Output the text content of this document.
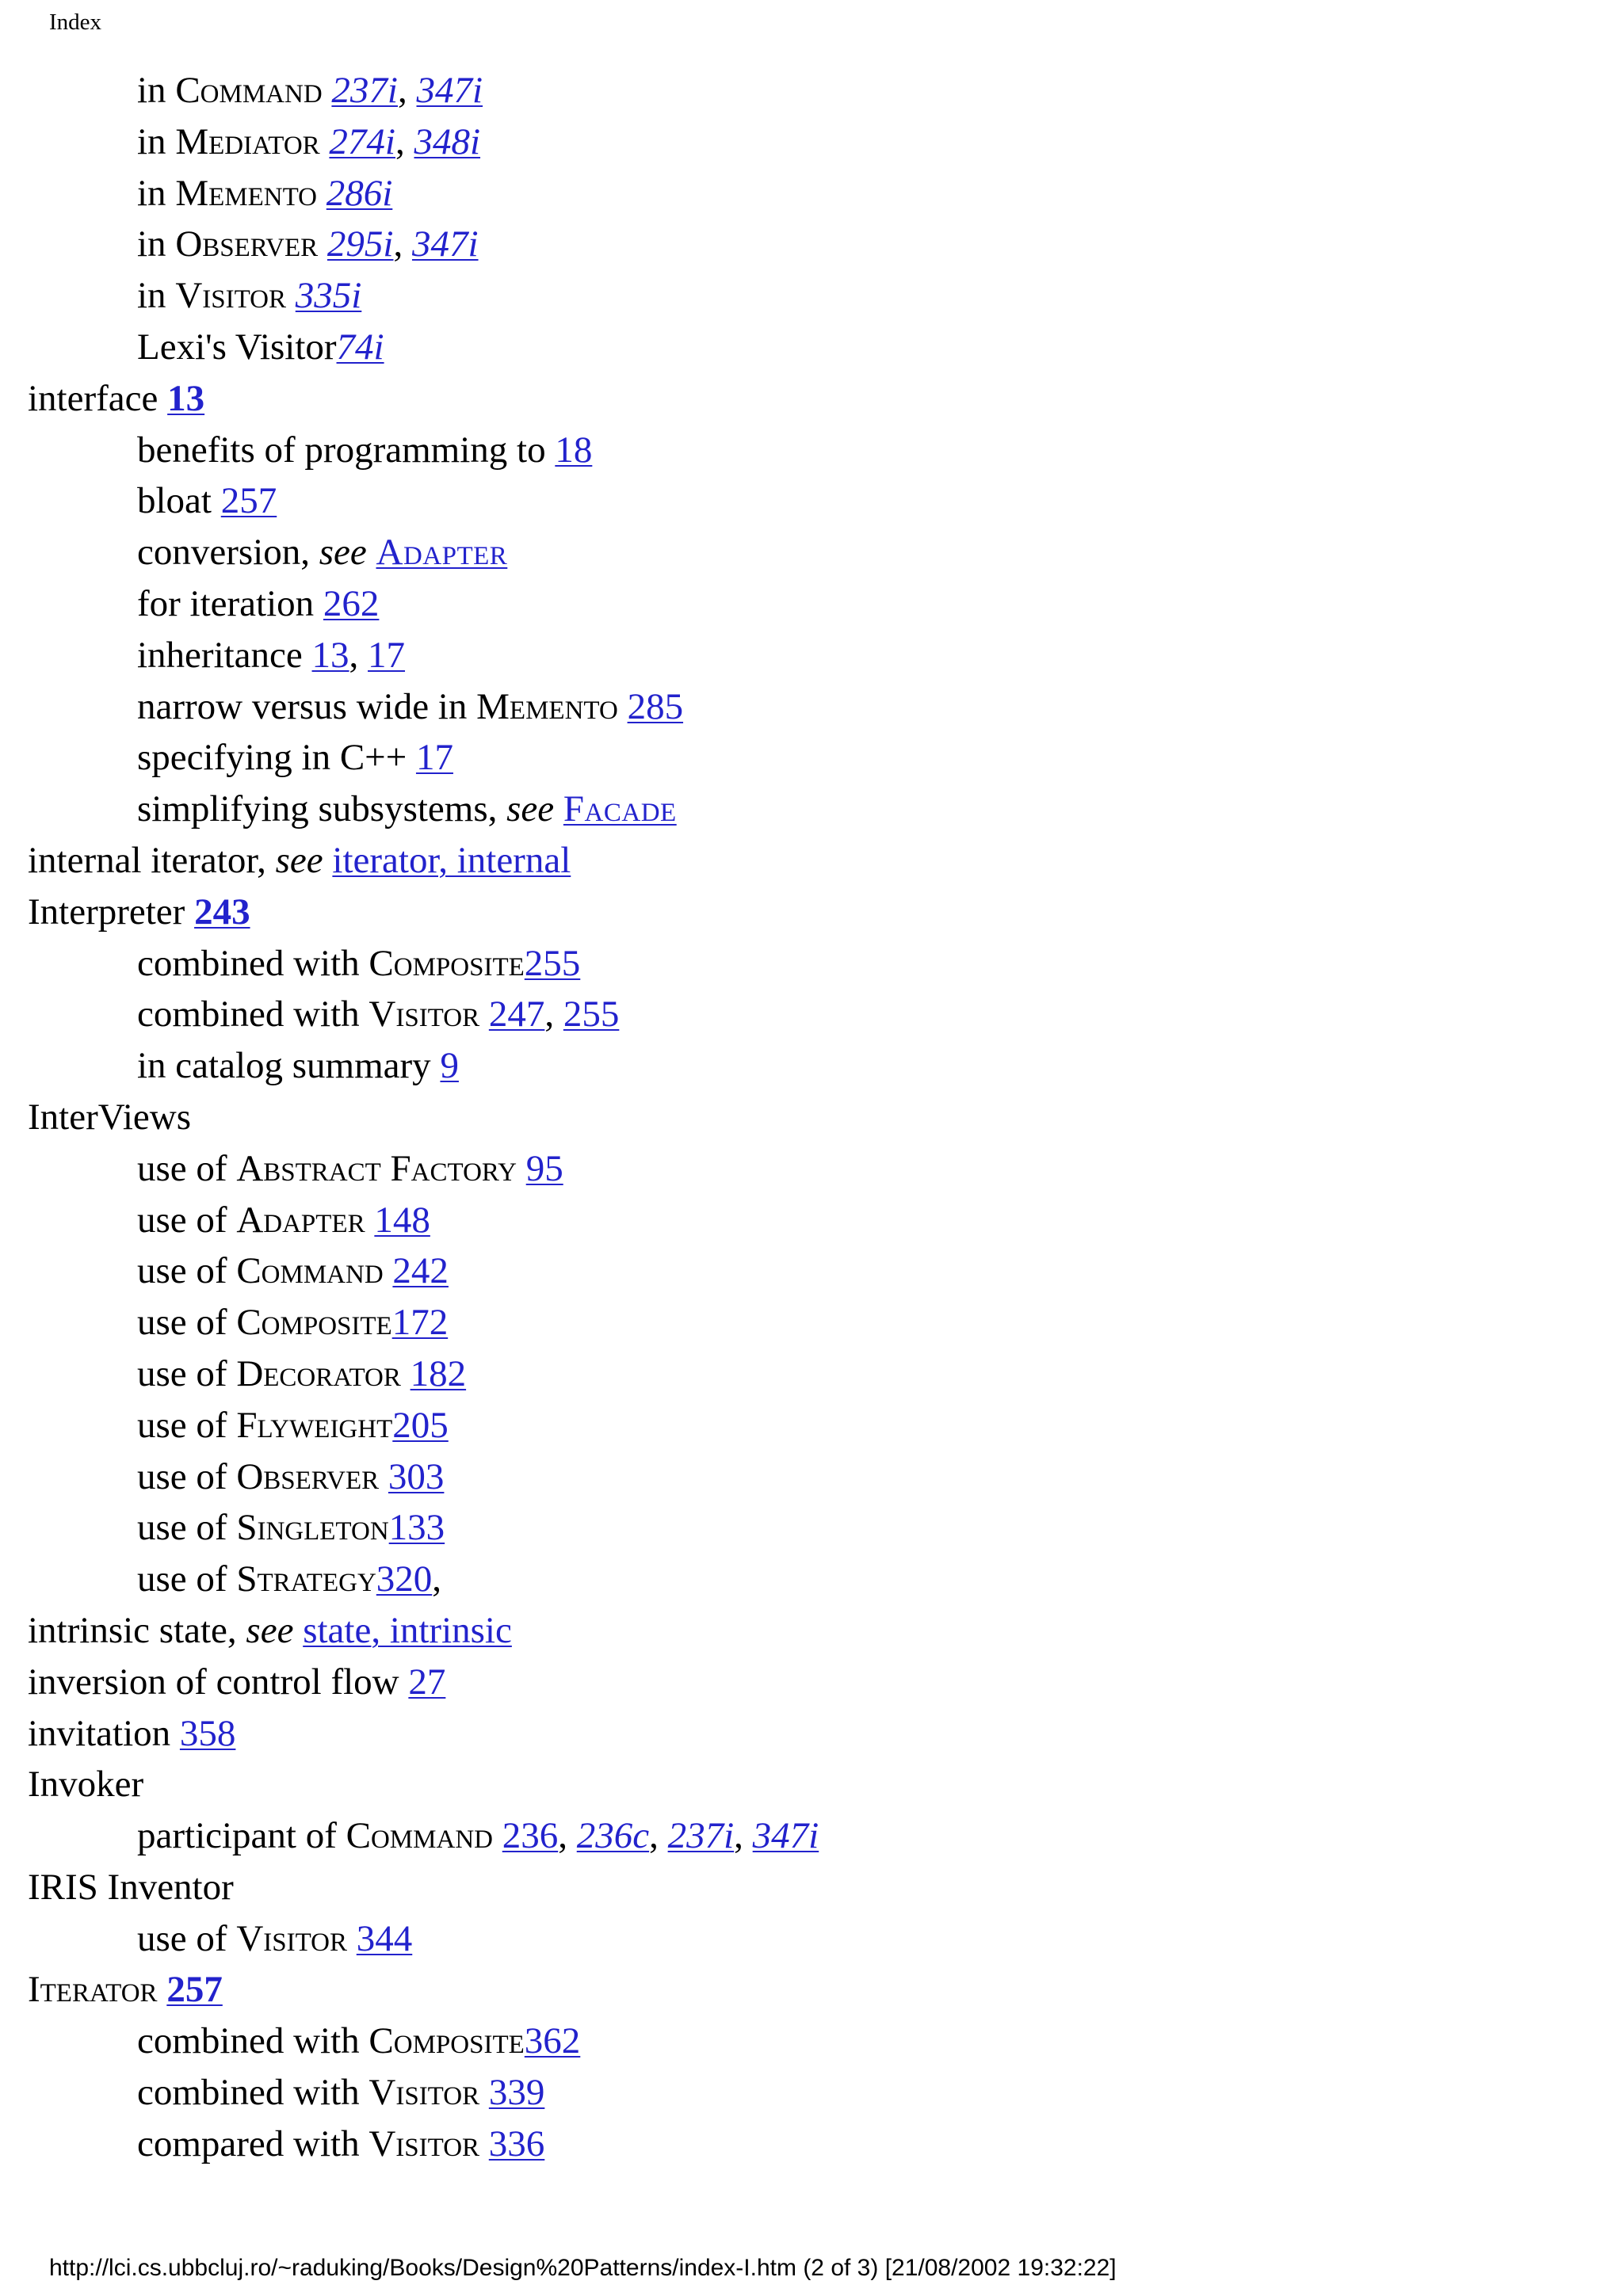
Index
in Command 237i, 347i
in Mediator 274i, 348i
in Memento 286i
in Observer 295i, 347i
in Visitor 335i
Lexi's Visitor74i
interface 13
benefits of programming to 18
bloat 257
conversion, see Adapter
for iteration 262
inheritance 13, 17
narrow versus wide in Memento 285
specifying in C++ 17
simplifying subsystems, see Facade
internal iterator, see iterator, internal
Interpreter 243
combined with Composite255
combined with Visitor 247, 255
in catalog summary 9
InterViews
use of Abstract Factory 95
use of Adapter 148
use of Command 242
use of Composite172
use of Decorator 182
use of Flyweight205
use of Observer 303
use of Singleton133
use of Strategy320,
intrinsic state, see state, intrinsic
inversion of control flow 27
invitation 358
Invoker
participant of Command 236, 236c, 237i, 347i
IRIS Inventor
use of Visitor 344
Iterator 257
combined with Composite362
combined with Visitor 339
compared with Visitor 336
http://lci.cs.ubbcluj.ro/~raduking/Books/Design%20Patterns/index-I.htm (2 of 3) [21/08/2002 19:32:22]
